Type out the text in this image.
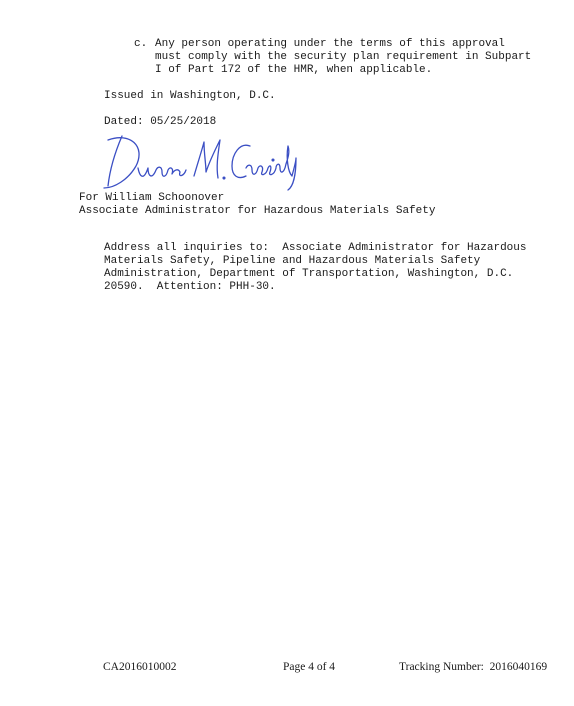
c. Any person operating under the terms of this approval
must comply with the security plan requirement in Subpart
I of Part 172 of the HMR, when applicable.
Issued in Washington, D.C.
Dated: 05/25/2018
For William Schoonover
Associate Administrator for Hazardous Materials Safety
Address all inquiries to:  Associate Administrator for Hazardous
Materials Safety, Pipeline and Hazardous Materials Safety
Administration, Department of Transportation, Washington, D.C.
20590.  Attention: PHH-30.
CA2016010002	Page 4 of 4	Tracking Number:  2016040169
